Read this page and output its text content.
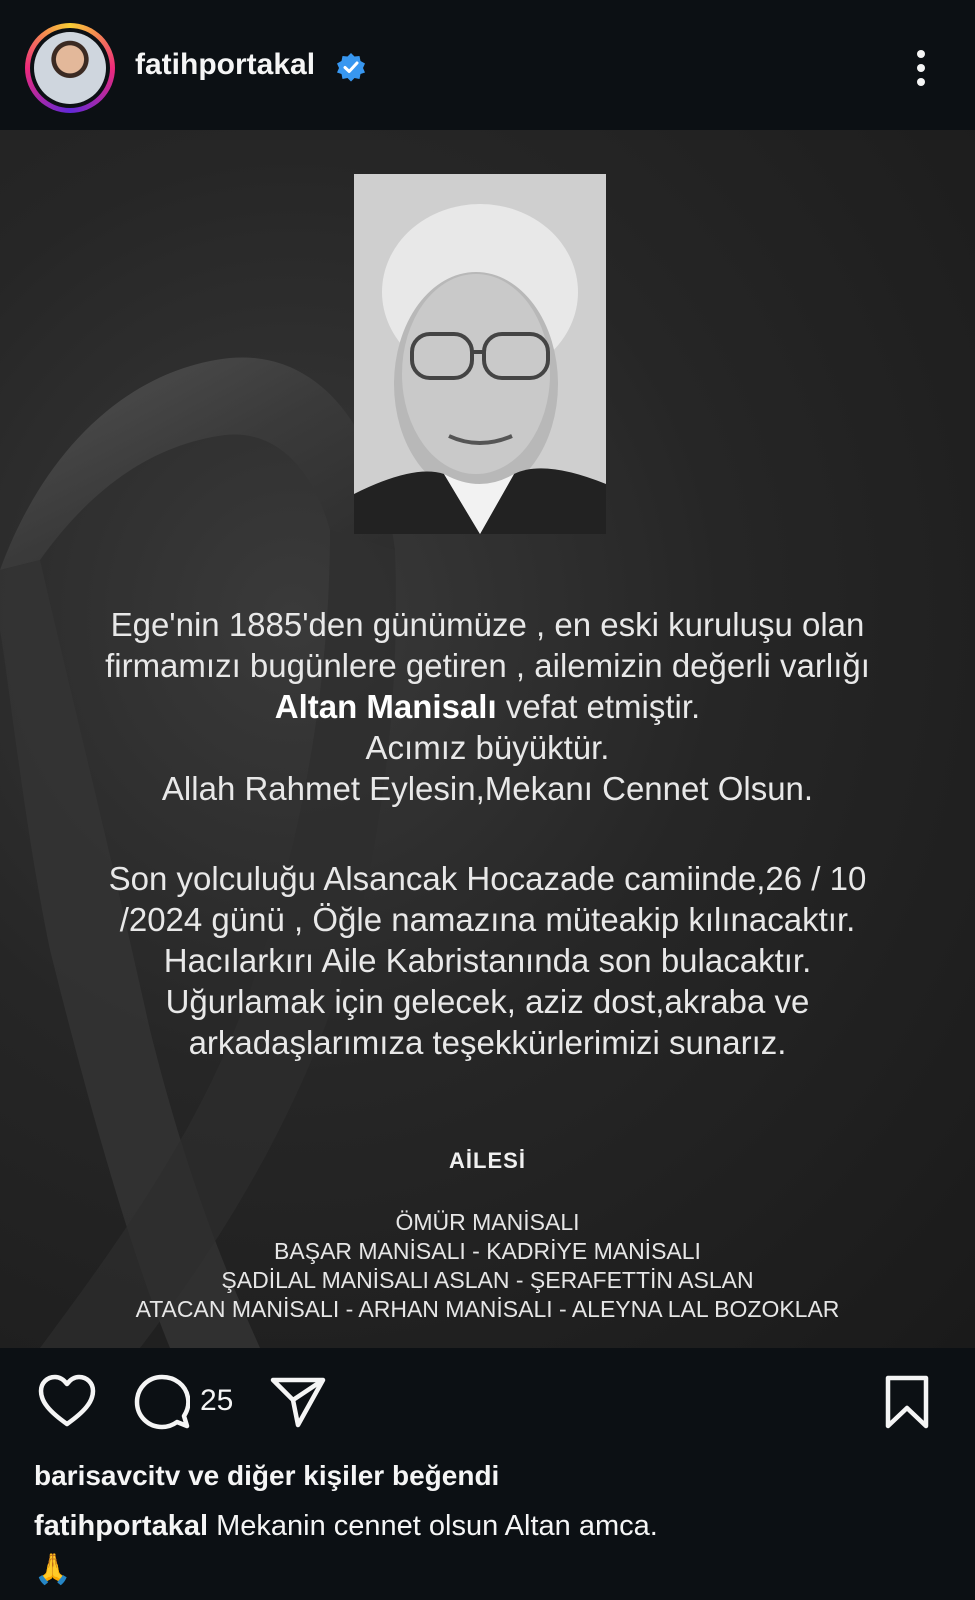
fatihportakal
Ege'nin 1885'den günümüze , en eski kuruluşu olan firmamızı bugünlere getiren , ailemizin değerli varlığı Altan Manisalı vefat etmiştir.
Acımız büyüktür.
Allah Rahmet Eylesin,Mekanı Cennet Olsun.
Son yolculuğu Alsancak Hocazade camiinde,26 / 10 /2024 günü , Öğle namazına müteakip kılınacaktır.
Hacılarkırı Aile Kabristanında son bulacaktır.
Uğurlamak için gelecek, aziz dost,akraba ve arkadaşlarımıza teşekkürlerimizi sunarız.
AİLESİ
ÖMÜR MANİSALI
BAŞAR MANİSALI - KADRİYE MANİSALI
ŞADİLAL MANİSALI ASLAN - ŞERAFETTİN ASLAN
ATACAN MANİSALI - ARHAN MANİSALI - ALEYNA LAL BOZOKLAR
25
barisavcitv ve diğer kişiler beğendi
fatihportakal Mekanin cennet olsun Altan amca.
🙏
